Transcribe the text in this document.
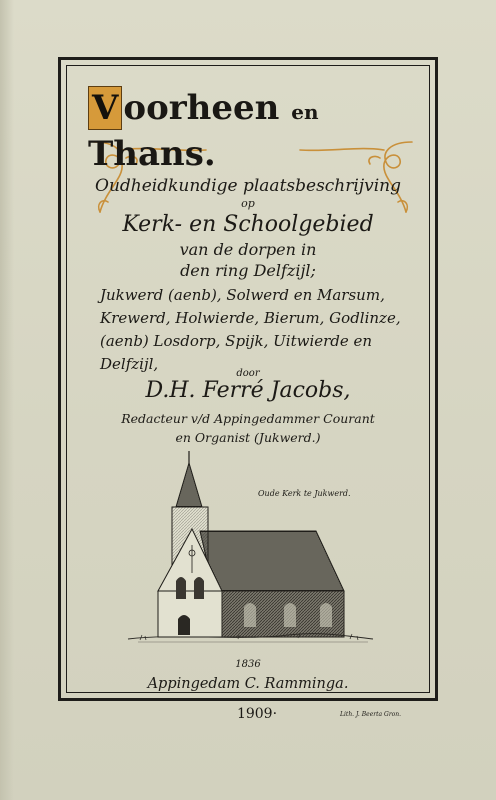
V oorheen en Thans.
Oudheidkundige plaatsbeschrijving
op
Kerk- en Schoolgebied
van de dorpen in
den ring Delfzijl;
Jukwerd (aenb), Solwerd en Marsum,
Krewerd, Holwierde, Bierum, Godlinze,
(aenb) Losdorp, Spijk, Uitwierde en
Delfzijl,
door
D.H. Ferré Jacobs,
Redacteur v/d Appingedammer Courant
en Organist (Jukwerd.)
Oude Kerk te Jukwerd.
1836
Appingedam C. Ramminga.
1909·	Lith. J. Beerta Gron.
